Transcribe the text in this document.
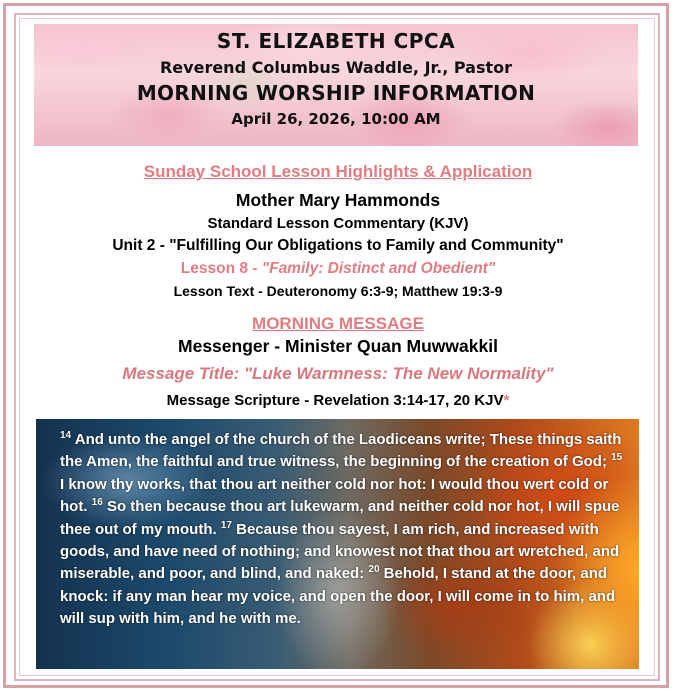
ST. ELIZABETH CPCA
Reverend Columbus Waddle, Jr., Pastor
MORNING WORSHIP INFORMATION
April 26, 2026, 10:00 AM
Sunday School Lesson Highlights & Application
Mother Mary Hammonds
Standard Lesson Commentary (KJV)
Unit 2 - "Fulfilling Our Obligations to Family and Community"
Lesson 8 - "Family: Distinct and Obedient"
Lesson Text - Deuteronomy 6:3-9; Matthew 19:3-9
MORNING MESSAGE
Messenger - Minister Quan Muwwakkil
Message Title: "Luke Warmness: The New Normality"
Message Scripture - Revelation 3:14-17, 20 KJV*
$^{14}$ And unto the angel of the church of the Laodiceans write; These things saith the Amen, the faithful and true witness, the beginning of the creation of God; $^{15}$ I know thy works, that thou art neither cold nor hot: I would thou wert cold or hot. $^{16}$ So then because thou art lukewarm, and neither cold nor hot, I will spue thee out of my mouth. $^{17}$ Because thou sayest, I am rich, and increased with goods, and have need of nothing; and knowest not that thou art wretched, and miserable, and poor, and blind, and naked: $^{20}$ Behold, I stand at the door, and knock: if any man hear my voice, and open the door, I will come in to him, and will sup with him, and he with me.
